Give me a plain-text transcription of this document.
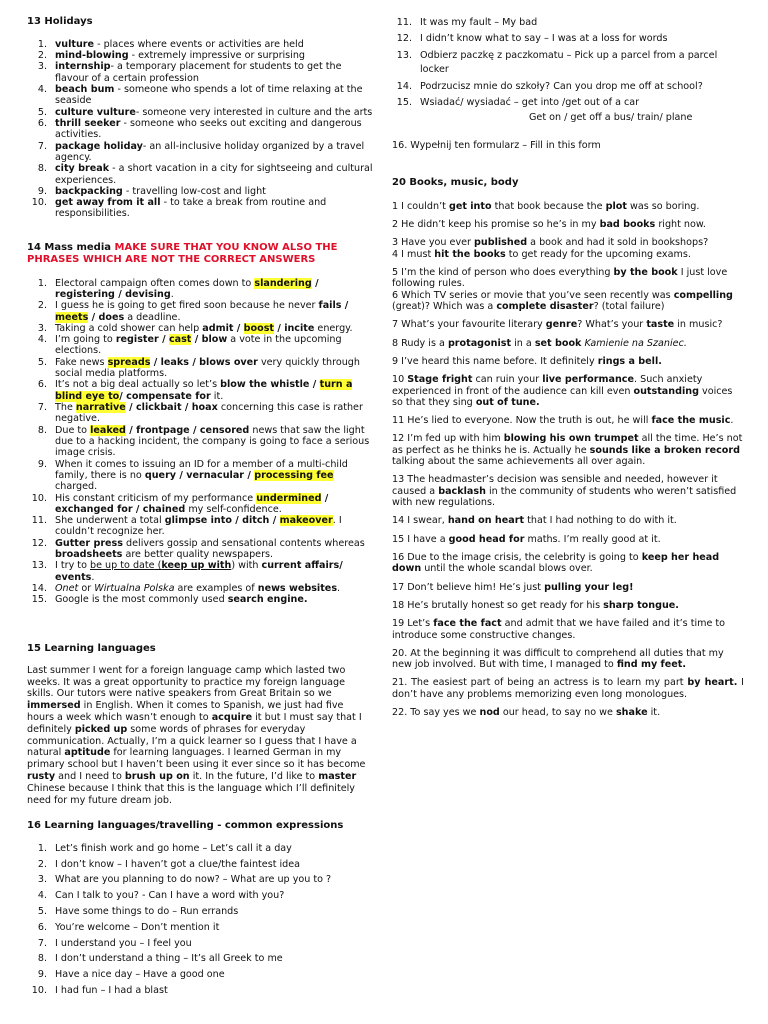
13 Holidays

1. vulture - places where events or activities are held
2. mind-blowing - extremely impressive or surprising
3. internship- a temporary placement for students to get the flavour of a certain profession
4. beach bum - someone who spends a lot of time relaxing at the seaside
5. culture vulture- someone very interested in culture and the arts
6. thrill seeker - someone who seeks out exciting and dangerous activities.
7. package holiday- an all-inclusive holiday organized by a travel agency.
8. city break - a short vacation in a city for sightseeing and cultural experiences.
9. backpacking - travelling low-cost and light
10. get away from it all - to take a break from routine and responsibilities.

14 Mass media MAKE SURE THAT YOU KNOW ALSO THE PHRASES WHICH ARE NOT THE CORRECT ANSWERS

1. Electoral campaign often comes down to slandering / registering / devising.
2. I guess he is going to get fired soon because he never fails / meets / does a deadline.
3. Taking a cold shower can help admit / boost / incite energy.
4. I’m going to register / cast / blow a vote in the upcoming elections.
5. Fake news spreads / leaks / blows over very quickly through social media platforms.
6. It’s not a big deal actually so let’s blow the whistle / turn a blind eye to/ compensate for it.
7. The narrative / clickbait / hoax concerning this case is rather negative.
8. Due to leaked / frontpage / censored news that saw the light due to a hacking incident, the company is going to face a serious image crisis.
9. When it comes to issuing an ID for a member of a multi-child family, there is no query / vernacular / processing fee charged.
10. His constant criticism of my performance undermined / exchanged for / chained my self-confidence.
11. She underwent a total glimpse into / ditch / makeover. I couldn’t recognize her.
12. Gutter press delivers gossip and sensational contents whereas broadsheets are better quality newspapers.
13. I try to be up to date (keep up with) with current affairs/ events.
14. Onet or Wirtualna Polska are examples of news websites.
15. Google is the most commonly used search engine.

15 Learning languages

Last summer I went for a foreign language camp which lasted two weeks. It was a great opportunity to practice my foreign language skills. Our tutors were native speakers from Great Britain so we immersed in English. When it comes to Spanish, we just had five hours a week which wasn’t enough to acquire it but I must say that I definitely picked up some words of phrases for everyday communication. Actually, I’m a quick learner so I guess that I have a natural aptitude for learning languages. I learned German in my primary school but I haven’t been using it ever since so it has become rusty and I need to brush up on it. In the future, I’d like to master Chinese because I think that this is the language which I’ll definitely need for my future dream job.

16 Learning languages/travelling - common expressions

1. Let’s finish work and go home – Let’s call it a day
2. I don’t know – I haven’t got a clue/the faintest idea
3. What are you planning to do now? – What are up you to ?
4. Can I talk to you? - Can I have a word with you?
5. Have some things to do – Run errands
6. You’re welcome – Don’t mention it
7. I understand you – I feel you
8. I don’t understand a thing – It’s all Greek to me
9. Have a nice day – Have a good one
10. I had fun – I had a blast
11. It was my fault – My bad
12. I didn’t know what to say – I was at a loss for words
13. Odbierz paczkę z paczkomatu – Pick up a parcel from a parcel locker
14. Podrzucisz mnie do szkoły? Can you drop me off at school?
15. Wsiadać/ wysiadać – get into /get out of a car

Get on / get off a bus/ train/ plane

16. Wypełnij ten formularz – Fill in this form

20 Books, music, body

1 I couldn’t get into that book because the plot was so boring.

2 He didn’t keep his promise so he’s in my bad books right now.

3 Have you ever published a book and had it sold in bookshops?

4 I must hit the books to get ready for the upcoming exams.

5 I’m the kind of person who does everything by the book I just love following rules.

6 Which TV series or movie that you’ve seen recently was compelling (great)? Which was a complete disaster? (total failure)

7 What’s your favourite literary genre? What’s your taste in music?

8 Rudy is a protagonist in a set book Kamienie na Szaniec.

9 I’ve heard this name before. It definitely rings a bell.

10 Stage fright can ruin your live performance. Such anxiety experienced in front of the audience can kill even outstanding voices so that they sing out of tune.

11 He’s lied to everyone. Now the truth is out, he will face the music.

12 I’m fed up with him blowing his own trumpet all the time. He’s not as perfect as he thinks he is. Actually he sounds like a broken record talking about the same achievements all over again.

13 The headmaster’s decision was sensible and needed, however it caused a backlash in the community of students who weren’t satisfied with new regulations.

14 I swear, hand on heart that I had nothing to do with it.

15 I have a good head for maths. I’m really good at it.

16 Due to the image crisis, the celebrity is going to keep her head down until the whole scandal blows over.

17 Don’t believe him! He’s just pulling your leg!

18 He’s brutally honest so get ready for his sharp tongue.

19 Let’s face the fact and admit that we have failed and it’s time to introduce some constructive changes.

20. At the beginning it was difficult to comprehend all duties that my new job involved. But with time, I managed to find my feet.

21. The easiest part of being an actress is to learn my part by heart. I don’t have any problems memorizing even long monologues.

22. To say yes we nod our head, to say no we shake it.
